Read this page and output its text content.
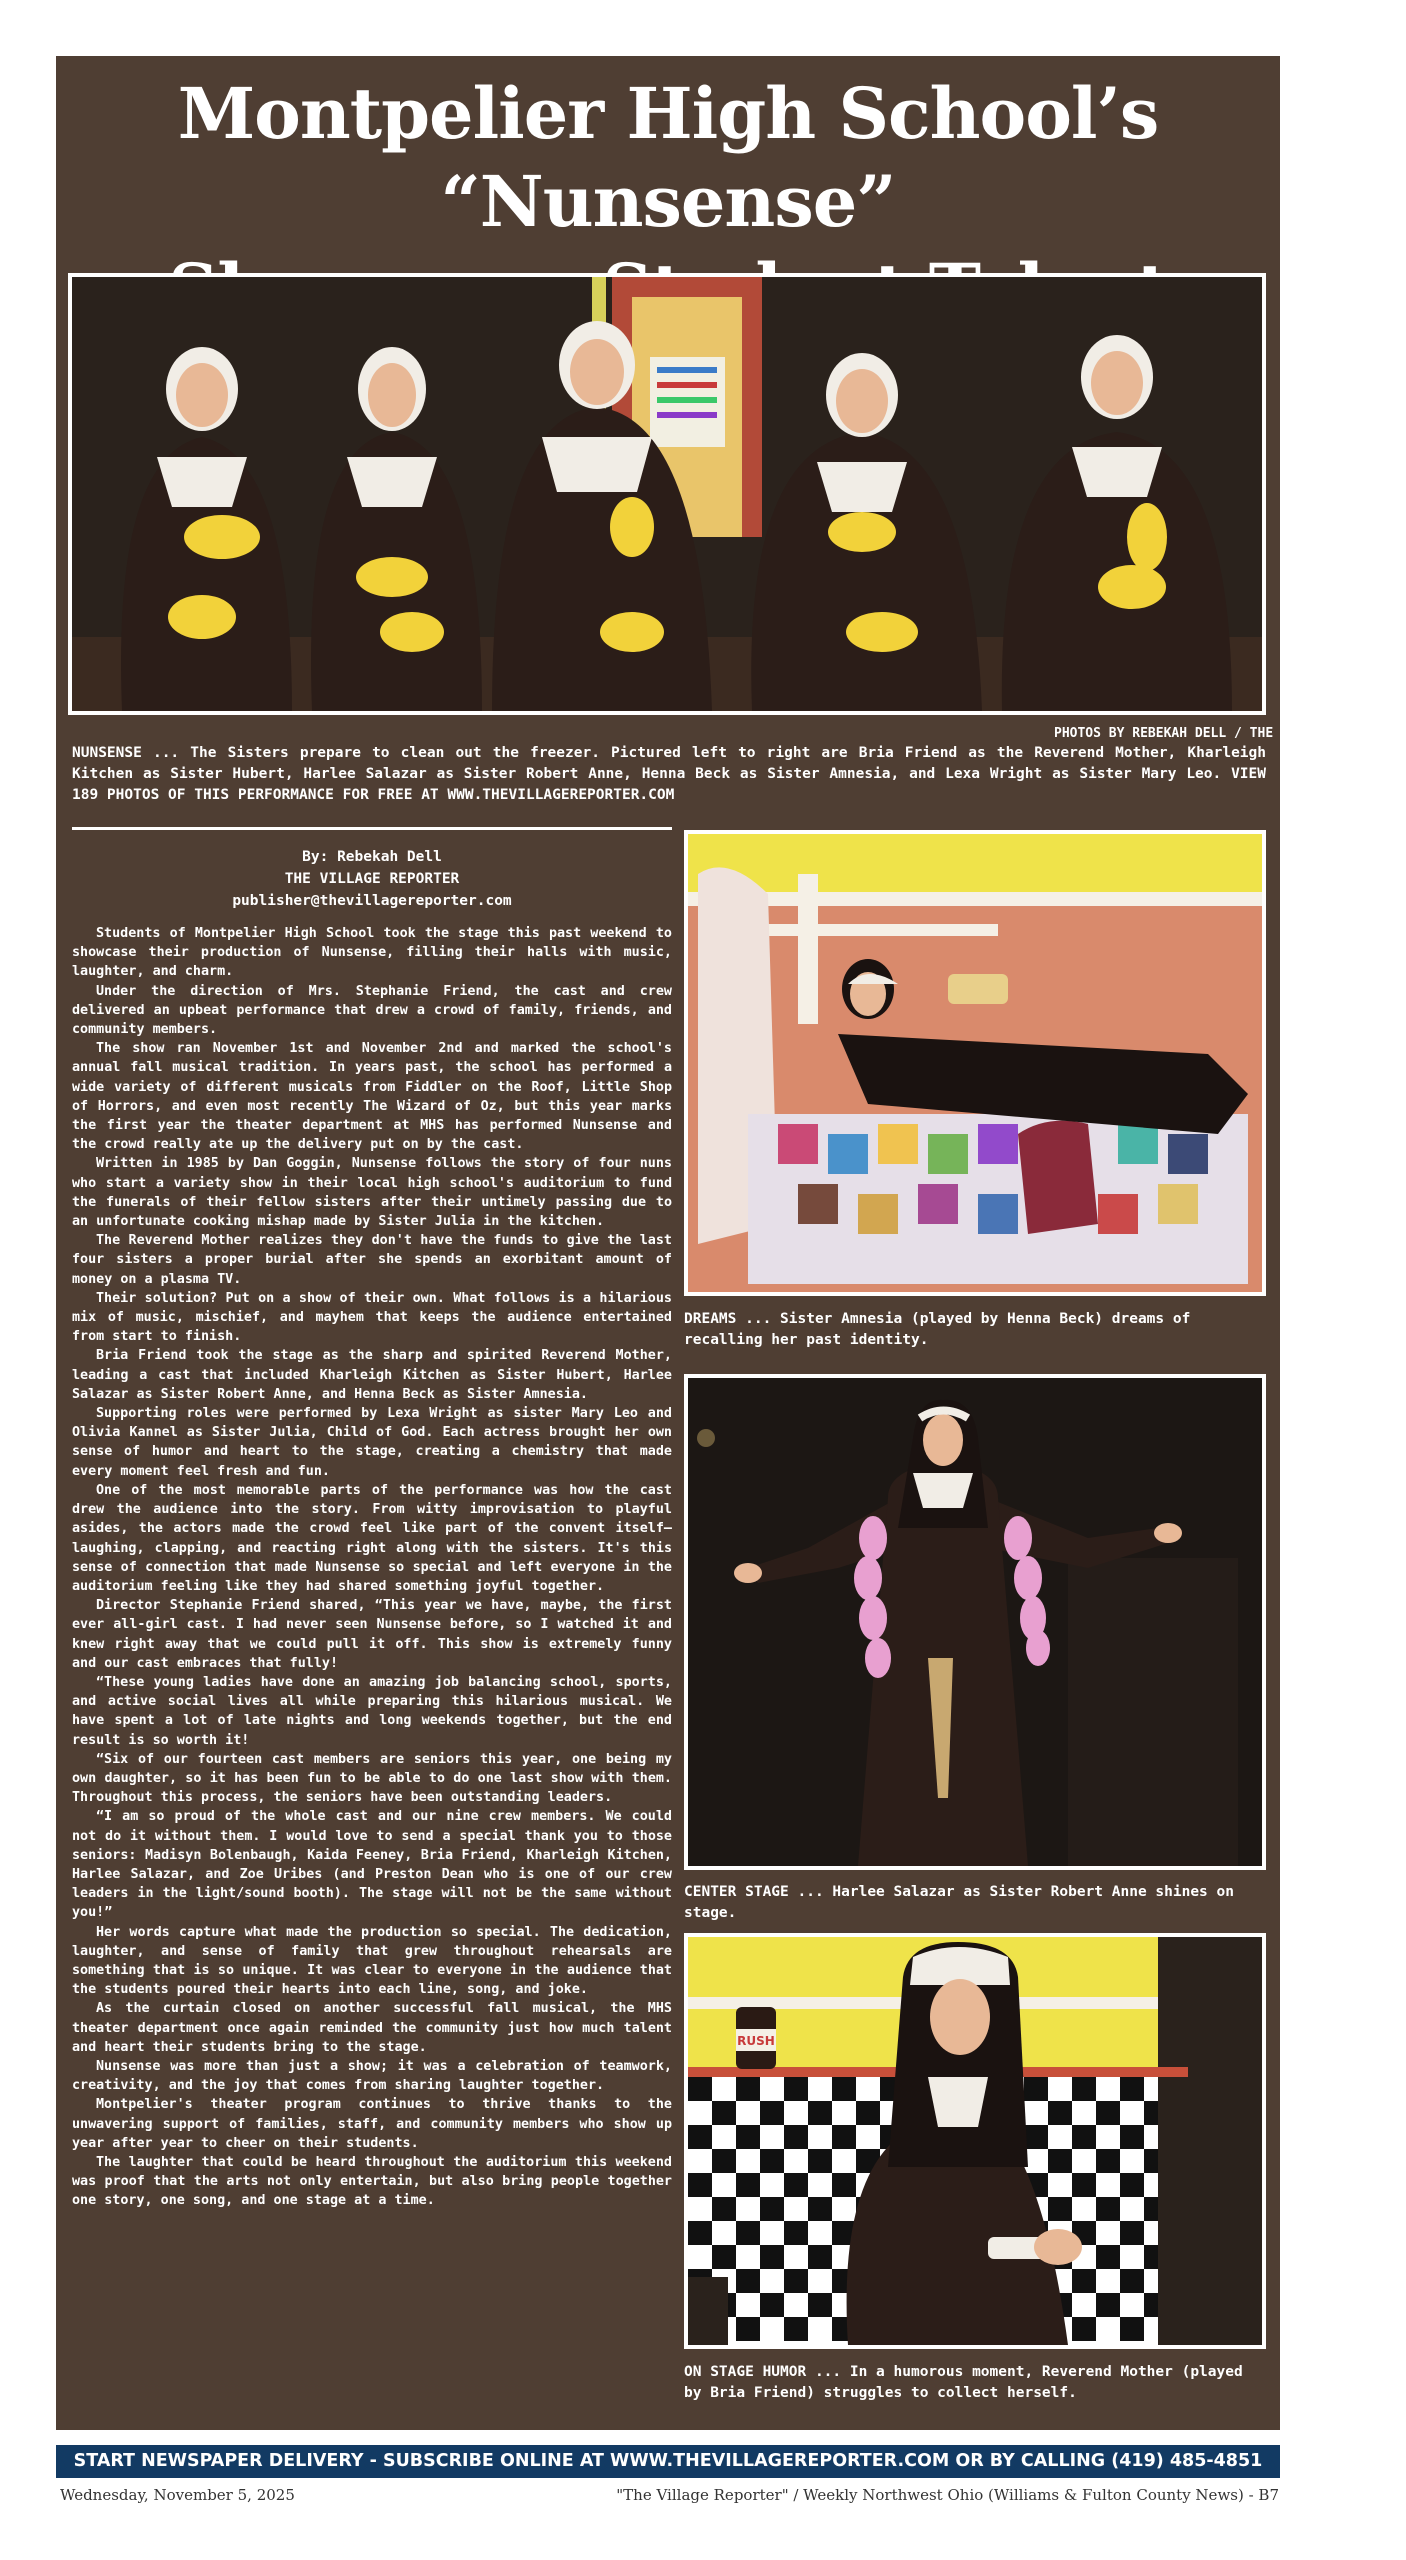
Montpelier High School’s “Nunsense”
PHOTOS BY REBEKAH DELL / THE VILLAGE REPORTER
NUNSENSE ... The Sisters prepare to clean out the freezer. Pictured left to right are Bria Friend as the Reverend Mother, Kharleigh Kitchen as Sister Hubert, Harlee Salazar as Sister Robert Anne, Henna Beck as Sister Amnesia, and Lexa Wright as Sister Mary Leo. VIEW 189 PHOTOS OF THIS PERFORMANCE FOR FREE AT WWW.THEVILLAGEREPORTER.COM
By: Rebekah Dell
THE VILLAGE REPORTER
publisher@thevillagereporter.com

Students of Montpelier High School took the stage this past weekend to showcase their production of Nunsense, filling their halls with music, laughter, and charm.

Under the direction of Mrs. Stephanie Friend, the cast and crew delivered an upbeat performance that drew a crowd of family, friends, and community members.

The show ran November 1st and November 2nd and marked the school's annual fall musical tradition. In years past, the school has performed a wide variety of different musicals from Fiddler on the Roof, Little Shop of Horrors, and even most recently The Wizard of Oz, but this year marks the first year the theater department at MHS has performed Nunsense and the crowd really ate up the delivery put on by the cast.

Written in 1985 by Dan Goggin, Nunsense follows the story of four nuns who start a variety show in their local high school's auditorium to fund the funerals of their fellow sisters after their untimely passing due to an unfortunate cooking mishap made by Sister Julia in the kitchen.

The Reverend Mother realizes they don't have the funds to give the last four sisters a proper burial after she spends an exorbitant amount of money on a plasma TV.

Their solution? Put on a show of their own. What follows is a hilarious mix of music, mischief, and mayhem that keeps the audience entertained from start to finish.

Bria Friend took the stage as the sharp and spirited Reverend Mother, leading a cast that included Kharleigh Kitchen as Sister Hubert, Harlee Salazar as Sister Robert Anne, and Henna Beck as Sister Amnesia.

Supporting roles were performed by Lexa Wright as sister Mary Leo and Olivia Kannel as Sister Julia, Child of God. Each actress brought her own sense of humor and heart to the stage, creating a chemistry that made every moment feel fresh and fun.

One of the most memorable parts of the performance was how the cast drew the audience into the story. From witty improvisation to playful asides, the actors made the crowd feel like part of the convent itself—laughing, clapping, and reacting right along with the sisters. It's this sense of connection that made Nunsense so special and left everyone in the auditorium feeling like they had shared something joyful together.

Director Stephanie Friend shared, “This year we have, maybe, the first ever all-girl cast. I had never seen Nunsense before, so I watched it and knew right away that we could pull it off. This show is extremely funny and our cast embraces that fully!

“These young ladies have done an amazing job balancing school, sports, and active social lives all while preparing this hilarious musical. We have spent a lot of late nights and long weekends together, but the end result is so worth it!

“Six of our fourteen cast members are seniors this year, one being my own daughter, so it has been fun to be able to do one last show with them. Throughout this process, the seniors have been outstanding leaders.

“I am so proud of the whole cast and our nine crew members. We could not do it without them. I would love to send a special thank you to those seniors: Madisyn Bolenbaugh, Kaida Feeney, Bria Friend, Kharleigh Kitchen, Harlee Salazar, and Zoe Uribes (and Preston Dean who is one of our crew leaders in the light/sound booth). The stage will not be the same without you!”

Her words capture what made the production so special. The dedication, laughter, and sense of family that grew throughout rehearsals are something that is so unique. It was clear to everyone in the audience that the students poured their hearts into each line, song, and joke.

As the curtain closed on another successful fall musical, the MHS theater department once again reminded the community just how much talent and heart their students bring to the stage.

Nunsense was more than just a show; it was a celebration of teamwork, creativity, and the joy that comes from sharing laughter together.

Montpelier's theater program continues to thrive thanks to the unwavering support of families, staff, and community members who show up year after year to cheer on their students.

The laughter that could be heard throughout the auditorium this weekend was proof that the arts not only entertain, but also bring people together one story, one song, and one stage at a time.

DREAMS ... Sister Amnesia (played by Henna Beck) dreams of recalling her past identity.
CENTER STAGE ... Harlee Salazar as Sister Robert Anne shines on stage.
RUSH
ON STAGE HUMOR ... In a humorous moment, Reverend Mother (played by Bria Friend) struggles to collect herself.
START NEWSPAPER DELIVERY - SUBSCRIBE ONLINE AT WWW.THEVILLAGEREPORTER.COM OR BY CALLING (419) 485-4851
Wednesday, November 5, 2025	"The Village Reporter" / Weekly Northwest Ohio (Williams & Fulton County News) - B7
